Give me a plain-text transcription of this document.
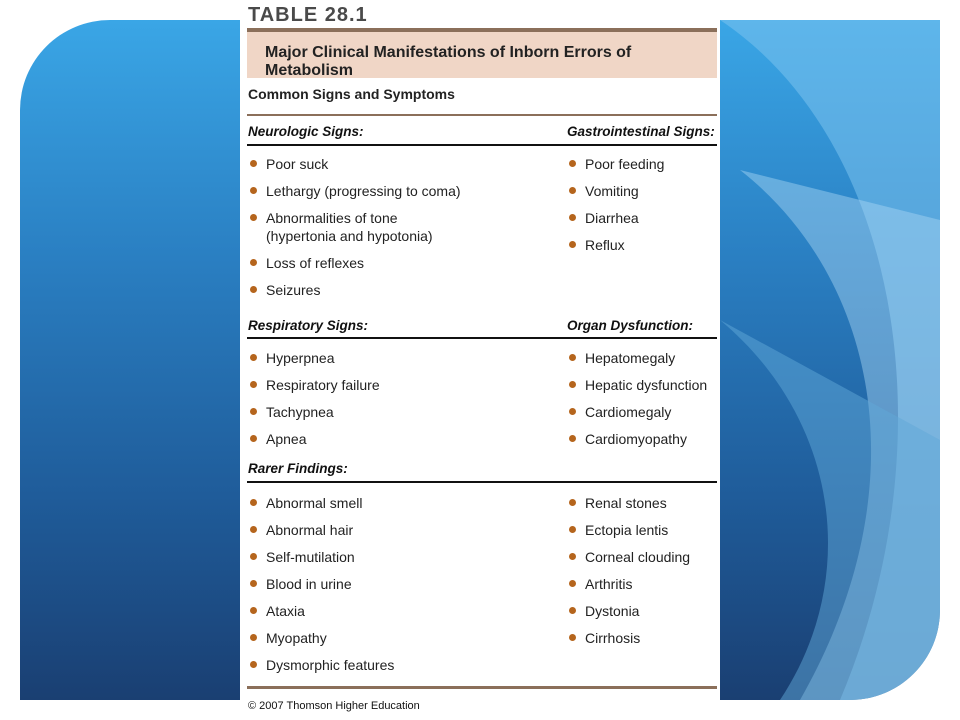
TABLE 28.1
Major Clinical Manifestations of Inborn Errors of Metabolism
Common Signs and Symptoms
Neurologic Signs:	Gastrointestinal Signs:
Poor suck
Lethargy (progressing to coma)
Abnormalities of tone (hypertonia and hypotonia)
Loss of reflexes
Seizures
Poor feeding
Vomiting
Diarrhea
Reflux
Respiratory Signs:	Organ Dysfunction:
Hyperpnea
Respiratory failure
Tachypnea
Apnea
Hepatomegaly
Hepatic dysfunction
Cardiomegaly
Cardiomyopathy
Rarer Findings:
Abnormal smell
Abnormal hair
Self-mutilation
Blood in urine
Ataxia
Myopathy
Dysmorphic features
Renal stones
Ectopia lentis
Corneal clouding
Arthritis
Dystonia
Cirrhosis
© 2007 Thomson Higher Education
